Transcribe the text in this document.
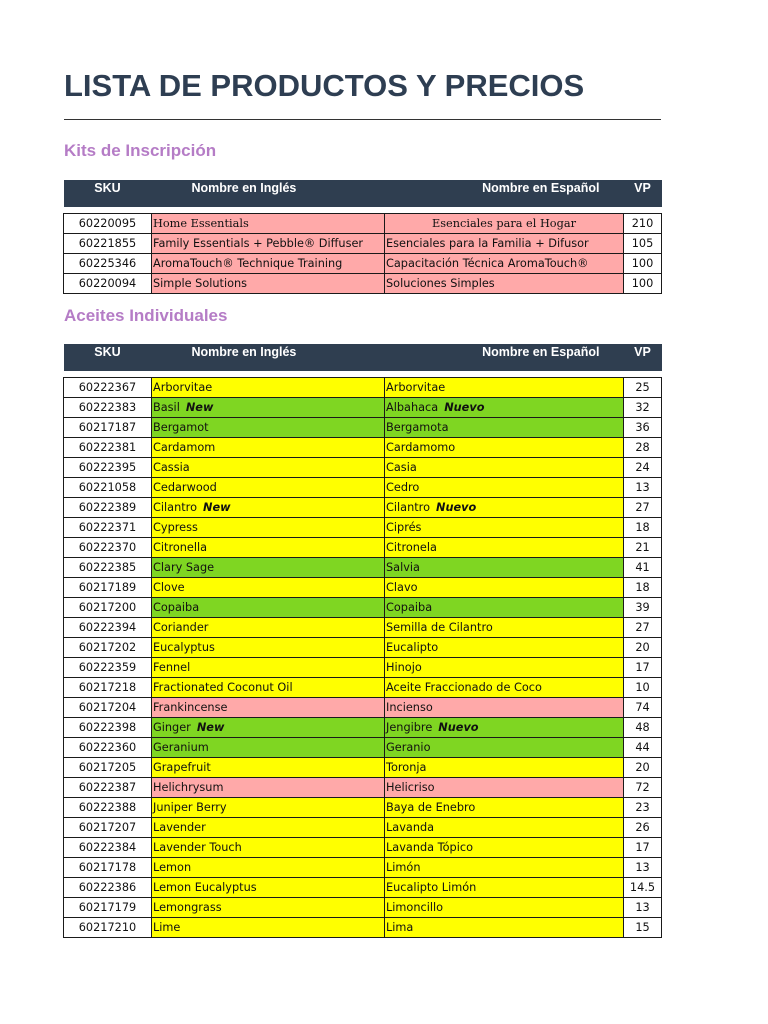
LISTA DE PRODUCTOS Y PRECIOS
Kits de Inscripción
SKU	Nombre en Inglés	Nombre en Español	VP

60220095	Home Essentials	Esenciales para el Hogar	210
60221855	Family Essentials + Pebble® Diffuser	Esenciales para la Familia + Difusor	105
60225346	AromaTouch® Technique Training	Capacitación Técnica AromaTouch®	100
60220094	Simple Solutions	Soluciones Simples	100
Aceites Individuales
SKU	Nombre en Inglés	Nombre en Español	VP

60222367	Arborvitae	Arborvitae	25
60222383	Basil New	Albahaca Nuevo	32
60217187	Bergamot	Bergamota	36
60222381	Cardamom	Cardamomo	28
60222395	Cassia	Casia	24
60221058	Cedarwood	Cedro	13
60222389	Cilantro New	Cilantro Nuevo	27
60222371	Cypress	Ciprés	18
60222370	Citronella	Citronela	21
60222385	Clary Sage	Salvia	41
60217189	Clove	Clavo	18
60217200	Copaiba	Copaiba	39
60222394	Coriander	Semilla de Cilantro	27
60217202	Eucalyptus	Eucalipto	20
60222359	Fennel	Hinojo	17
60217218	Fractionated Coconut Oil	Aceite Fraccionado de Coco	10
60217204	Frankincense	Incienso	74
60222398	Ginger New	Jengibre Nuevo	48
60222360	Geranium	Geranio	44
60217205	Grapefruit	Toronja	20
60222387	Helichrysum	Helicriso	72
60222388	Juniper Berry	Baya de Enebro	23
60217207	Lavender	Lavanda	26
60222384	Lavender Touch	Lavanda Tópico	17
60217178	Lemon	Limón	13
60222386	Lemon Eucalyptus	Eucalipto Limón	14.5
60217179	Lemongrass	Limoncillo	13
60217210	Lime	Lima	15
